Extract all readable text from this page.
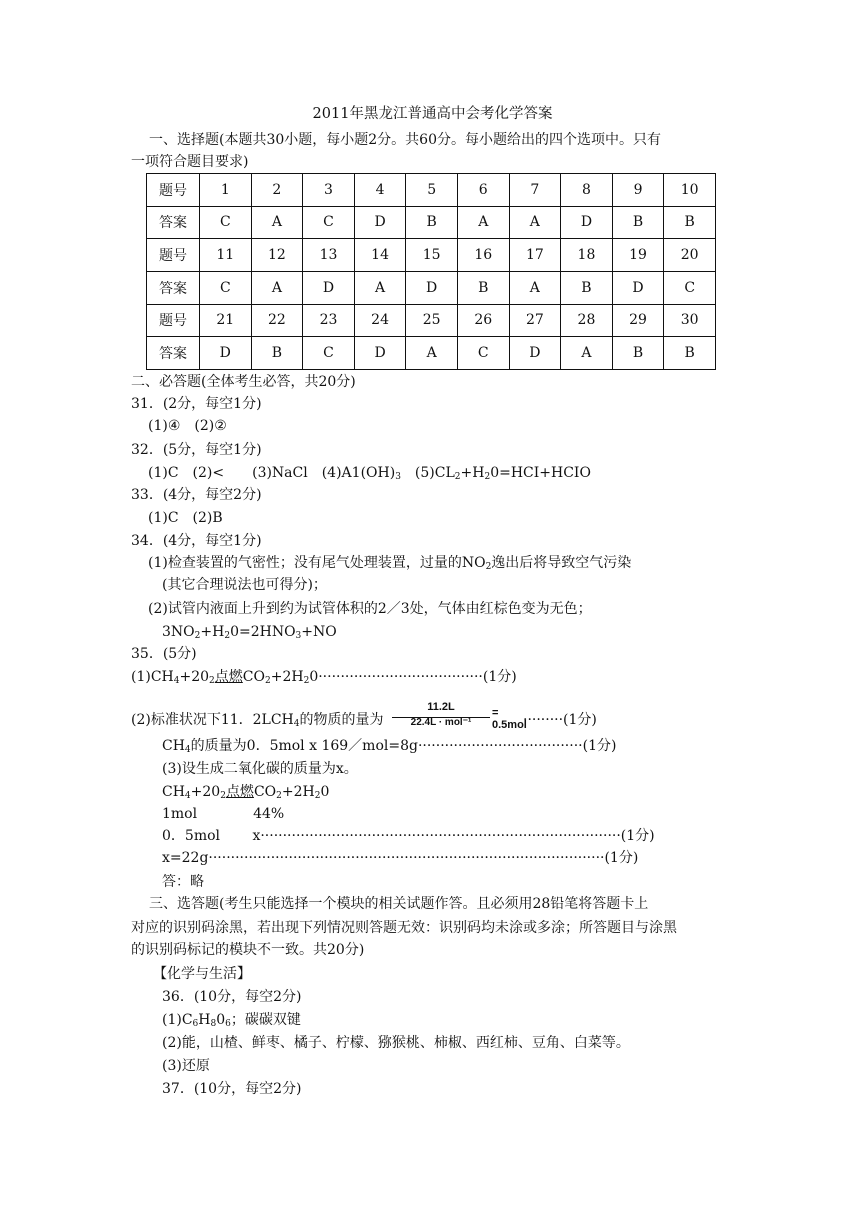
2011年黑龙江普通高中会考化学答案
一、选择题(本题共30小题，每小题2分。共60分。每小题给出的四个选项中。只有
一项符合题目要求)
题号	1	2	3	4	5	6	7	8	9	10
答案	C	A	C	D	B	A	A	D	B	B
题号	11	12	13	14	15	16	17	18	19	20
答案	C	A	D	A	D	B	A	B	D	C
题号	21	22	23	24	25	26	27	28	29	30
答案	D	B	C	D	A	C	D	A	B	B
二、必答题(全体考生必答，共20分)
31．(2分，每空1分)
(1)④　(2)②
32．(5分，每空1分)
(1)C　(2)<　　(3)NaCl　$(4)A1(OH)_3$　$(5)CL_2+H_20=HCI+HCIO$
33．(4分，每空2分)
(1)C　(2)B
34．(4分，每空1分)
(1)检查装置的气密性；没有尾气处理装置，过量的$NO_2$逸出后将导致空气污染
(其它合理说法也可得分)；
(2)试管内液面上升到约为试管体积的2／3处，气体由红棕色变为无色；
$3NO_2+H_20=2HNO_3+NO$
35．(5分)
$(1)CH_4+20_2$点燃$CO_2+2H_20\cdot\cdot\cdot\cdot\cdot\cdot\cdot\cdot\cdot\cdot\cdot\cdot\cdot\cdot\cdot\cdot\cdot\cdot\cdot\cdot\cdot\cdot\cdot\cdot\cdot\cdot\cdot\cdot\cdot\cdot\cdot\cdot\cdot\cdot\cdot\cdot\cdot(1$分)
(2)标准状况下11．$2LCH_4$的物质的量为
11.2L
22.4L · mol⁻¹
= 0.5mol
·········(1分)
$CH_4$的质量为0．5mol x 169／mol=8g·····································(1分)
(3)设生成二氧化碳的质量为x。
$CH_4+20_2$点燃$CO_2+2H_20$
1mol　　　　44%
0．5mol　　 x·················································································(1分)
x=22g·························································································(1分)
答：略
三、选答题(考生只能选择一个模块的相关试题作答。且必须用28铅笔将答题卡上
对应的识别码涂黑，若出现下列情况则答题无效：识别码均未涂或多涂；所答题目与涂黑
的识别码标记的模块不一致。共20分)
【化学与生活】
36．(10分，每空2分)
$(1)C_6H_80_6$；碳碳双键
(2)能，山楂、鲜枣、橘子、柠檬、猕猴桃、柿椒、西红柿、豆角、白菜等。
(3)还原
37．(10分，每空2分)
